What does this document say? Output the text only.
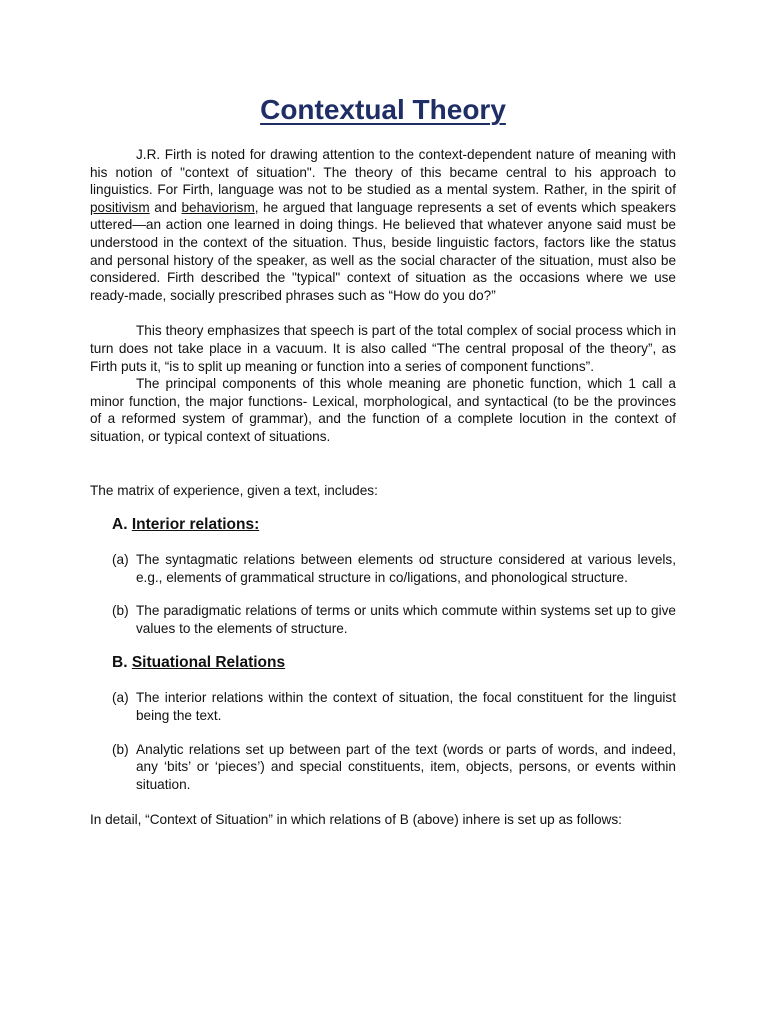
Contextual Theory

J.R. Firth is noted for drawing attention to the context-dependent nature of meaning with his notion of "context of situation". The theory of this became central to his approach to linguistics. For Firth, language was not to be studied as a mental system. Rather, in the spirit of positivism and behaviorism, he argued that language represents a set of events which speakers uttered—an action one learned in doing things. He believed that whatever anyone said must be understood in the context of the situation. Thus, beside linguistic factors, factors like the status and personal history of the speaker, as well as the social character of the situation, must also be considered. Firth described the "typical" context of situation as the occasions where we use ready-made, socially prescribed phrases such as “How do you do?”

This theory emphasizes that speech is part of the total complex of social process which in turn does not take place in a vacuum. It is also called “The central proposal of the theory”, as Firth puts it, “is to split up meaning or function into a series of component functions”.

The principal components of this whole meaning are phonetic function, which 1 call a minor function, the major functions- Lexical, morphological, and syntactical (to be the provinces of a reformed system of grammar), and the function of a complete locution in the context of situation, or typical context of situations.

The matrix of experience, given a text, includes:

A. Interior relations:
(a) The syntagmatic relations between elements od structure considered at various levels, e.g., elements of grammatical structure in co/ligations, and phonological structure.
(b) The paradigmatic relations of terms or units which commute within systems set up to give values to the elements of structure.
B. Situational Relations
(a) The interior relations within the context of situation, the focal constituent for the linguist being the text.
(b) Analytic relations set up between part of the text (words or parts of words, and indeed, any ‘bits’ or ‘pieces’) and special constituents, item, objects, persons, or events within situation.

In detail, “Context of Situation” in which relations of B (above) inhere is set up as follows:
